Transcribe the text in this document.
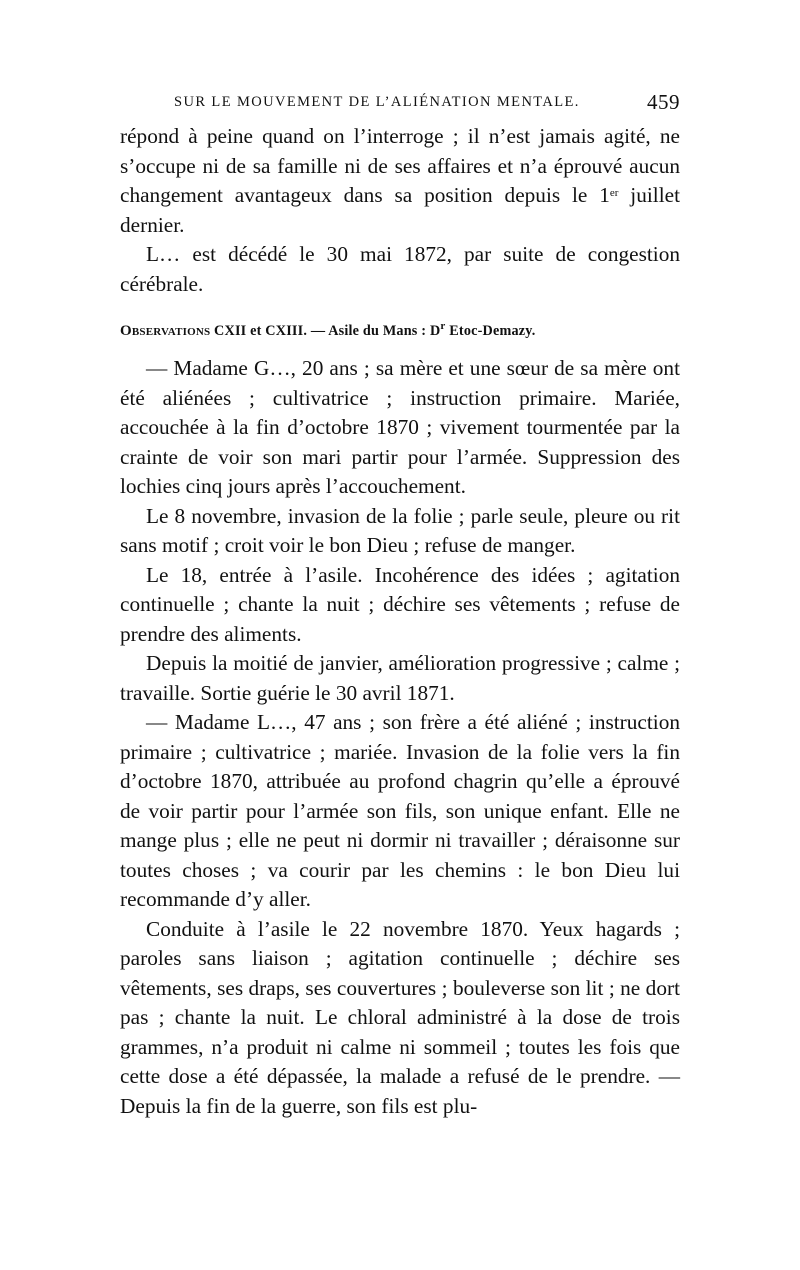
SUR LE MOUVEMENT DE L’ALIÉNATION MENTALE.	459

répond à peine quand on l’interroge ; il n’est jamais agité, ne s’occupe ni de sa famille ni de ses affaires et n’a éprouvé aucun changement avantageux dans sa position depuis le 1er juillet dernier.

L… est décédé le 30 mai 1872, par suite de congestion cérébrale.

Observations CXII et CXIII. — Asile du Mans : $D^r$ Etoc-Demazy.

— Madame G…, 20 ans ; sa mère et une sœur de sa mère ont été aliénées ; cultivatrice ; instruction primaire. Mariée, accouchée à la fin d’octobre 1870 ; vivement tourmentée par la crainte de voir son mari partir pour l’armée. Suppression des lochies cinq jours après l’accouchement.

Le 8 novembre, invasion de la folie ; parle seule, pleure ou rit sans motif ; croit voir le bon Dieu ; refuse de manger.

Le 18, entrée à l’asile. Incohérence des idées ; agitation continuelle ; chante la nuit ; déchire ses vêtements ; refuse de prendre des aliments.

Depuis la moitié de janvier, amélioration progressive ; calme ; travaille. Sortie guérie le 30 avril 1871.

— Madame L…, 47 ans ; son frère a été aliéné ; instruction primaire ; cultivatrice ; mariée. Invasion de la folie vers la fin d’octobre 1870, attribuée au profond chagrin qu’elle a éprouvé de voir partir pour l’armée son fils, son unique enfant. Elle ne mange plus ; elle ne peut ni dormir ni travailler ; déraisonne sur toutes choses ; va courir par les chemins : le bon Dieu lui recommande d’y aller.

Conduite à l’asile le 22 novembre 1870. Yeux hagards ; paroles sans liaison ; agitation continuelle ; déchire ses vêtements, ses draps, ses couvertures ; bouleverse son lit ; ne dort pas ; chante la nuit. Le chloral administré à la dose de trois grammes, n’a produit ni calme ni sommeil ; toutes les fois que cette dose a été dépassée, la malade a refusé de le prendre. — Depuis la fin de la guerre, son fils est plu-
